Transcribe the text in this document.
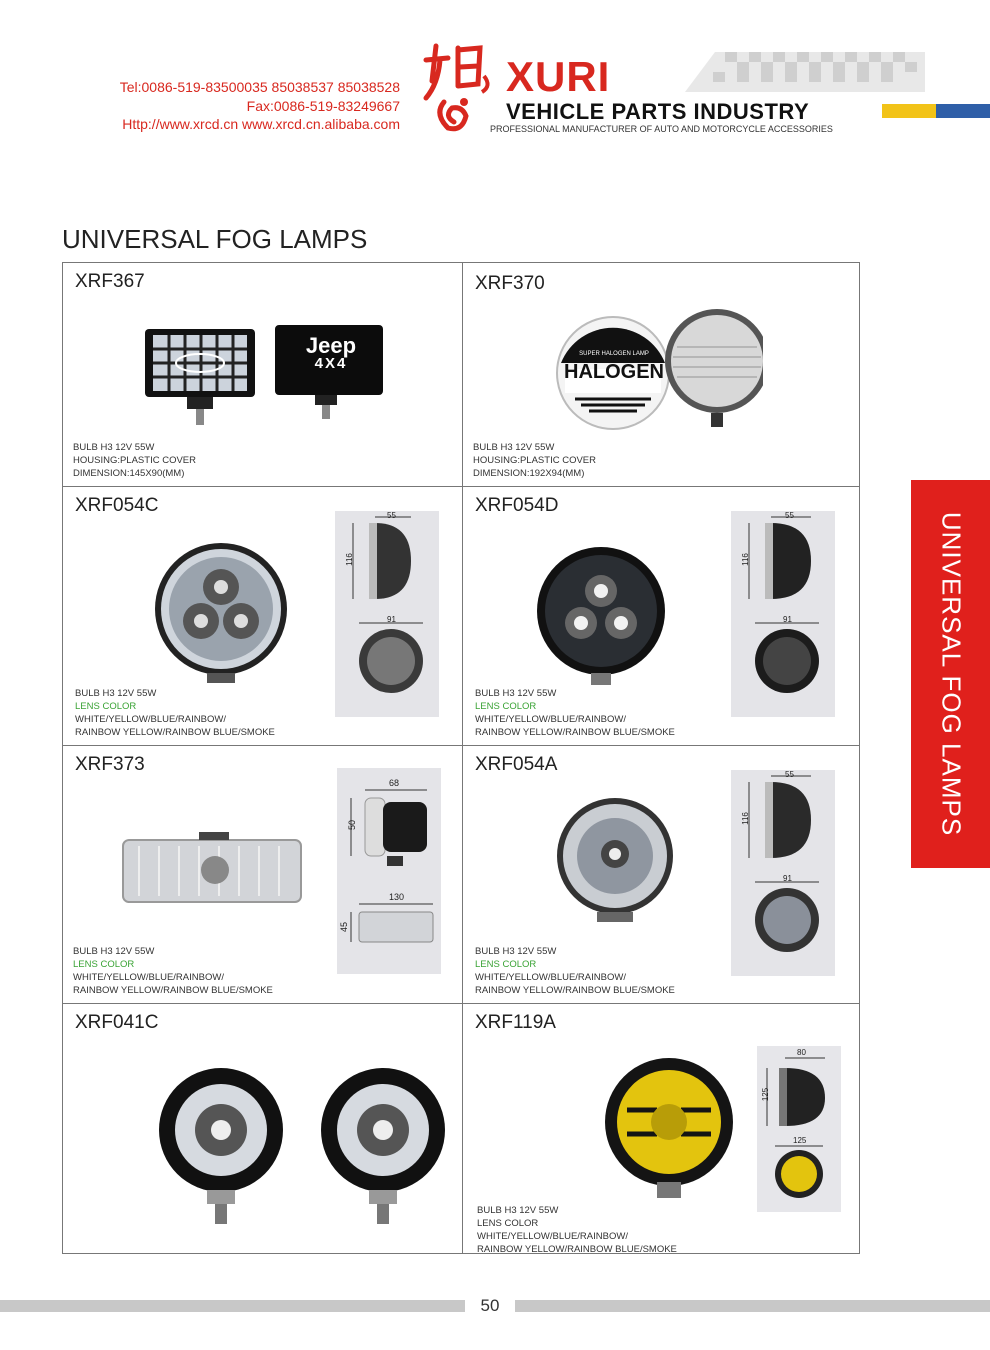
Tel:0086-519-83500035 85038537 85038528
Fax:0086-519-83249667
Http://www.xrcd.cn www.xrcd.cn.alibaba.com
XURI
VEHICLE PARTS INDUSTRY
PROFESSIONAL MANUFACTURER OF AUTO AND MOTORCYCLE ACCESSORIES
UNIVERSAL FOG LAMPS
XRF367
Jeep
4X4
BULB H3 12V 55W
HOUSING:PLASTIC COVER
DIMENSION:145X90(MM)
XRF370
SUPER HALOGEN LAMP
HALOGEN
BULB H3 12V 55W
HOUSING:PLASTIC COVER
DIMENSION:192X94(MM)
XRF054C	55
116
91
BULB H3 12V 55W
LENS COLOR
WHITE/YELLOW/BLUE/RAINBOW/
RAINBOW YELLOW/RAINBOW BLUE/SMOKE
XRF054D	55
116
91
BULB H3 12V 55W
LENS COLOR
WHITE/YELLOW/BLUE/RAINBOW/
RAINBOW YELLOW/RAINBOW BLUE/SMOKE
XRF373
68
50
130
45
BULB H3 12V 55W
LENS COLOR
WHITE/YELLOW/BLUE/RAINBOW/
RAINBOW YELLOW/RAINBOW BLUE/SMOKE
XRF054A	55
116
91
BULB H3 12V 55W
LENS COLOR
WHITE/YELLOW/BLUE/RAINBOW/
RAINBOW YELLOW/RAINBOW BLUE/SMOKE
XRF041C	XRF119A
80
125
125
BULB H3 12V 55W
LENS COLOR
WHITE/YELLOW/BLUE/RAINBOW/
RAINBOW YELLOW/RAINBOW BLUE/SMOKE
UNIVERSAL FOG LAMPS
50
